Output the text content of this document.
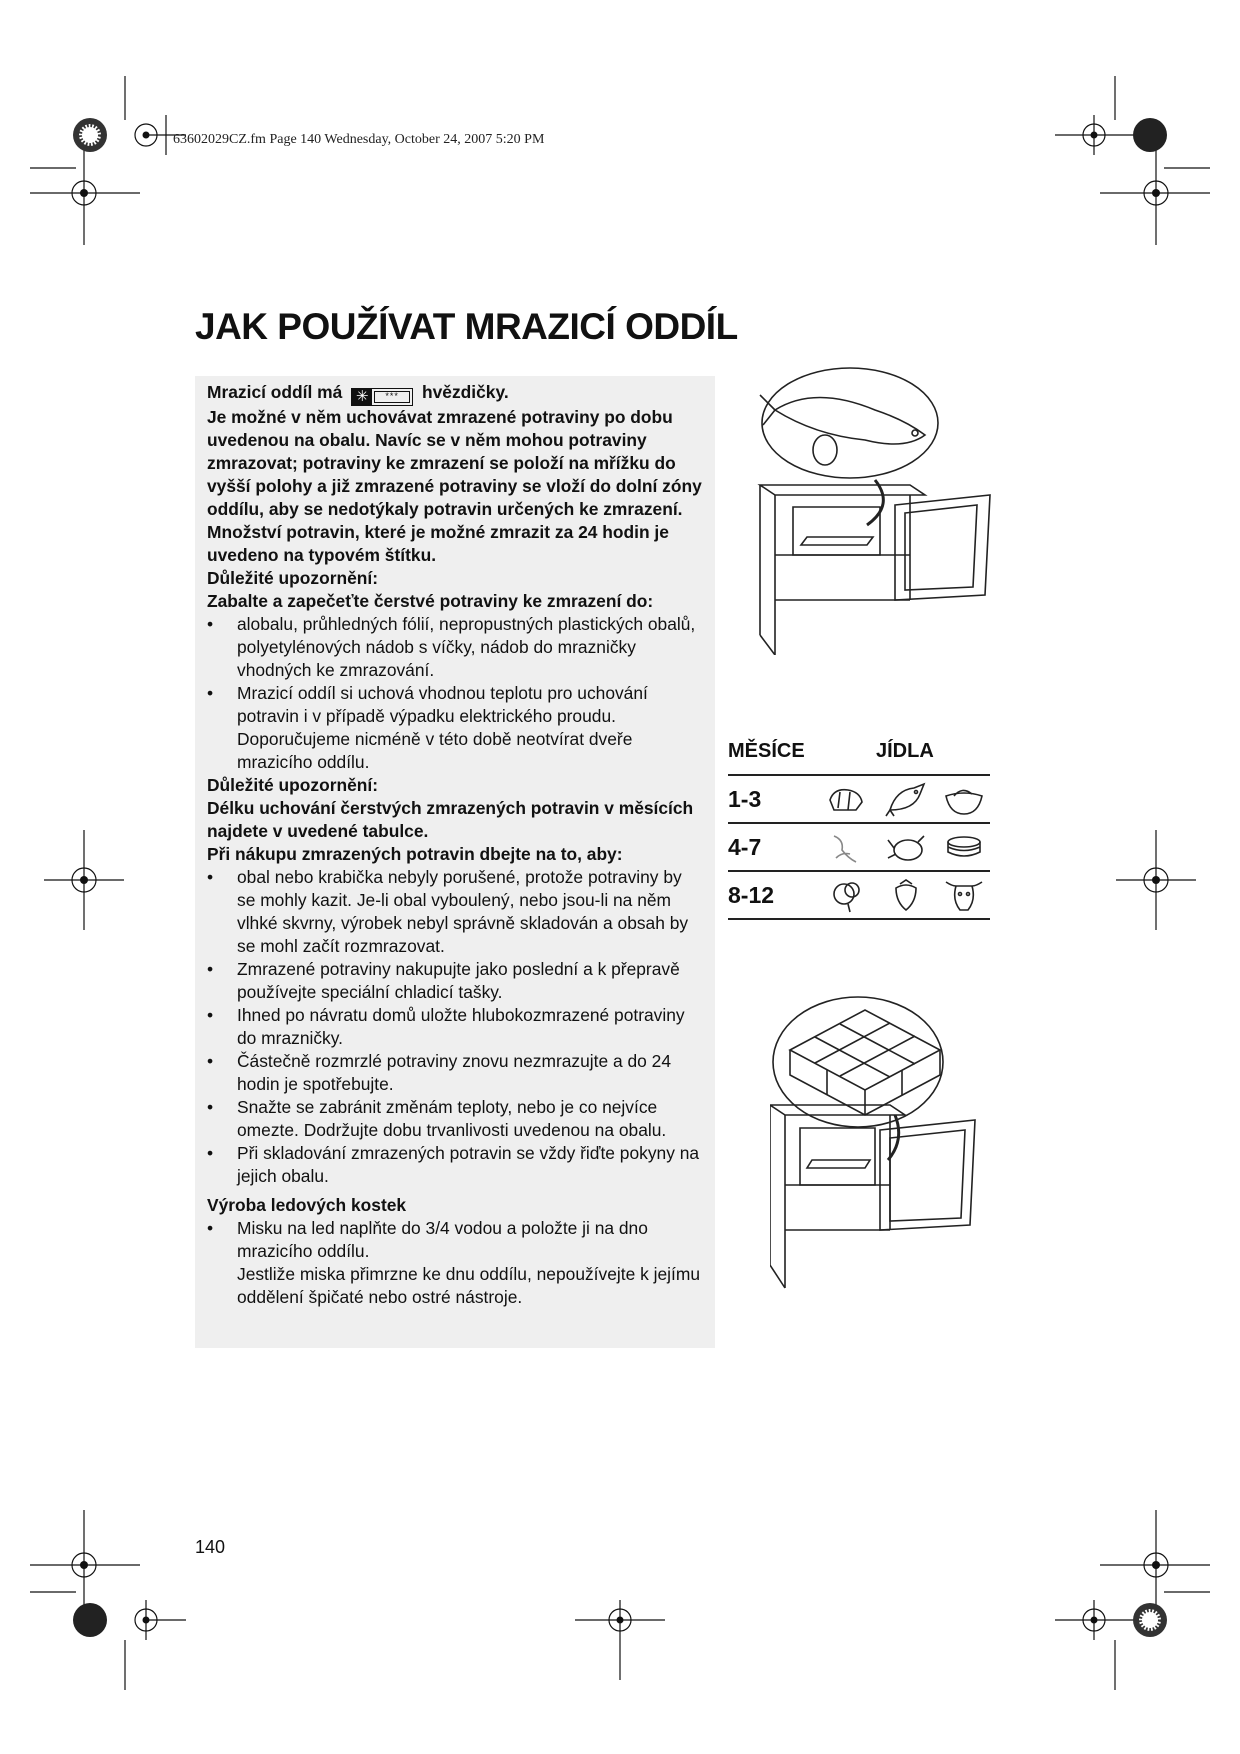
63602029CZ.fm Page 140 Wednesday, October 24, 2007 5:20 PM
JAK POUŽÍVAT MRAZICÍ ODDÍL

Mrazicí oddíl má ✳	***	hvězdičky.

Je možné v něm uchovávat zmrazené potraviny po dobu uvedenou na obalu. Navíc se v něm mohou potraviny zmrazovat; potraviny ke zmrazení se položí na mřížku do vyšší polohy a již zmrazené potraviny se vloží do dolní zóny oddílu, aby se nedotýkaly potravin určených ke zmrazení.

Množství potravin, které je možné zmrazit za 24 hodin je uvedeno na typovém štítku.

Důležité upozornění:

Zabalte a zapečeťte čerstvé potraviny ke zmrazení do:

•	alobalu, průhledných fólií, nepropustných plastických obalů, polyetylénových nádob s víčky, nádob do mrazničky vhodných ke zmrazování.
•	Mrazicí oddíl si uchová vhodnou teplotu pro uchování potravin i v případě výpadku elektrického proudu. Doporučujeme nicméně v této době neotvírat dveře mrazicího oddílu.

Důležité upozornění:

Délku uchování čerstvých zmrazených potravin v měsících najdete v uvedené tabulce.

Při nákupu zmrazených potravin dbejte na to, aby:

•	obal nebo krabička nebyly porušené, protože potraviny by se mohly kazit. Je-li obal vyboulený, nebo jsou-li na něm vlhké skvrny, výrobek nebyl správně skladován a obsah by se mohl začít rozmrazovat.
•	Zmrazené potraviny nakupujte jako poslední a k přepravě používejte speciální chladicí tašky.
•	Ihned po návratu domů uložte hlubokozmrazené potraviny do mrazničky.
•	Částečně rozmrzlé potraviny znovu nezmrazujte a do 24 hodin je spotřebujte.
•	Snažte se zabránit změnám teploty, nebo je co nejvíce omezte. Dodržujte dobu trvanlivosti uvedenou na obalu.
•	Při skladování zmrazených potravin se vždy řiďte pokyny na jejich obalu.

Výroba ledových kostek

•	Misku na led naplňte do 3/4 vodou a položte ji na dno mrazicího oddílu.
Jestliže miska přimrzne ke dnu oddílu, nepoužívejte k jejímu oddělení špičaté nebo ostré nástroje.
MĚSÍCE	JÍDLA
1-3
4-7
8-12
140
